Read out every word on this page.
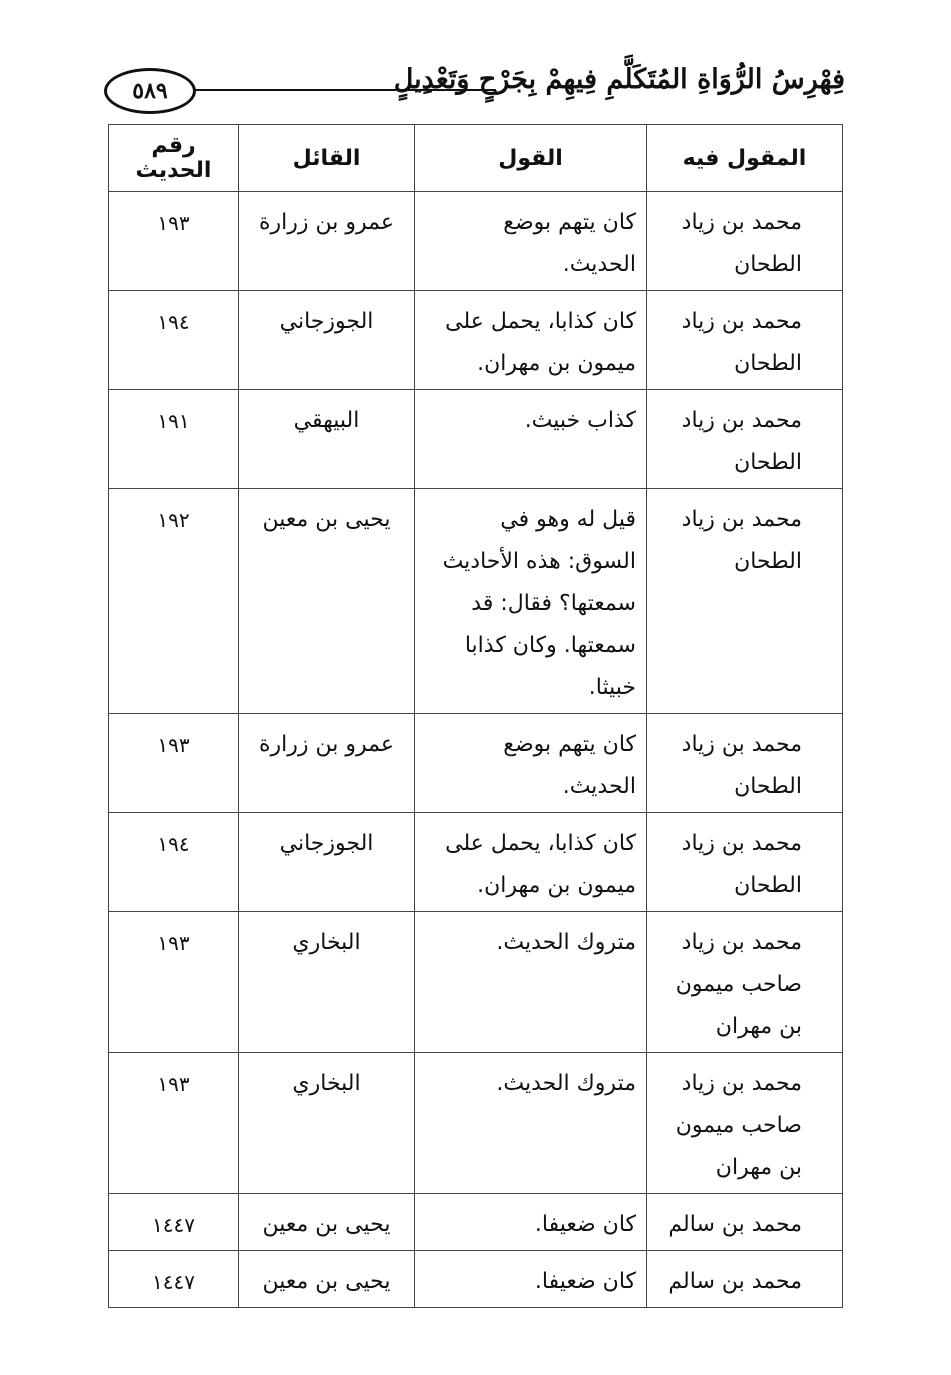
فِهْرِسُ الرُّوَاةِ المُتَكَلَّمِ فِيهِمْ بِجَرْحٍ وَتَعْدِيلٍ
٥٨٩
المقول فيه	القول	القائل	رقم الحديث
محمد بن زياد الطحان	كان يتهم بوضع الحديث.	عمرو بن زرارة	١٩٣
محمد بن زياد الطحان	كان كذابا، يحمل على ميمون بن مهران.	الجوزجاني	١٩٤
محمد بن زياد الطحان	كذاب خبيث.	البيهقي	١٩١
محمد بن زياد الطحان	قيل له وهو في السوق: هذه الأحاديث سمعتها؟ فقال: قد سمعتها. وكان كذابا خبيثا.	يحيى بن معين	١٩٢
محمد بن زياد الطحان	كان يتهم بوضع الحديث.	عمرو بن زرارة	١٩٣
محمد بن زياد الطحان	كان كذابا، يحمل على ميمون بن مهران.	الجوزجاني	١٩٤
محمد بن زياد صاحب ميمون بن مهران	متروك الحديث.	البخاري	١٩٣
محمد بن زياد صاحب ميمون بن مهران	متروك الحديث.	البخاري	١٩٣
محمد بن سالم	كان ضعيفا.	يحيى بن معين	١٤٤٧
محمد بن سالم	كان ضعيفا.	يحيى بن معين	١٤٤٧
